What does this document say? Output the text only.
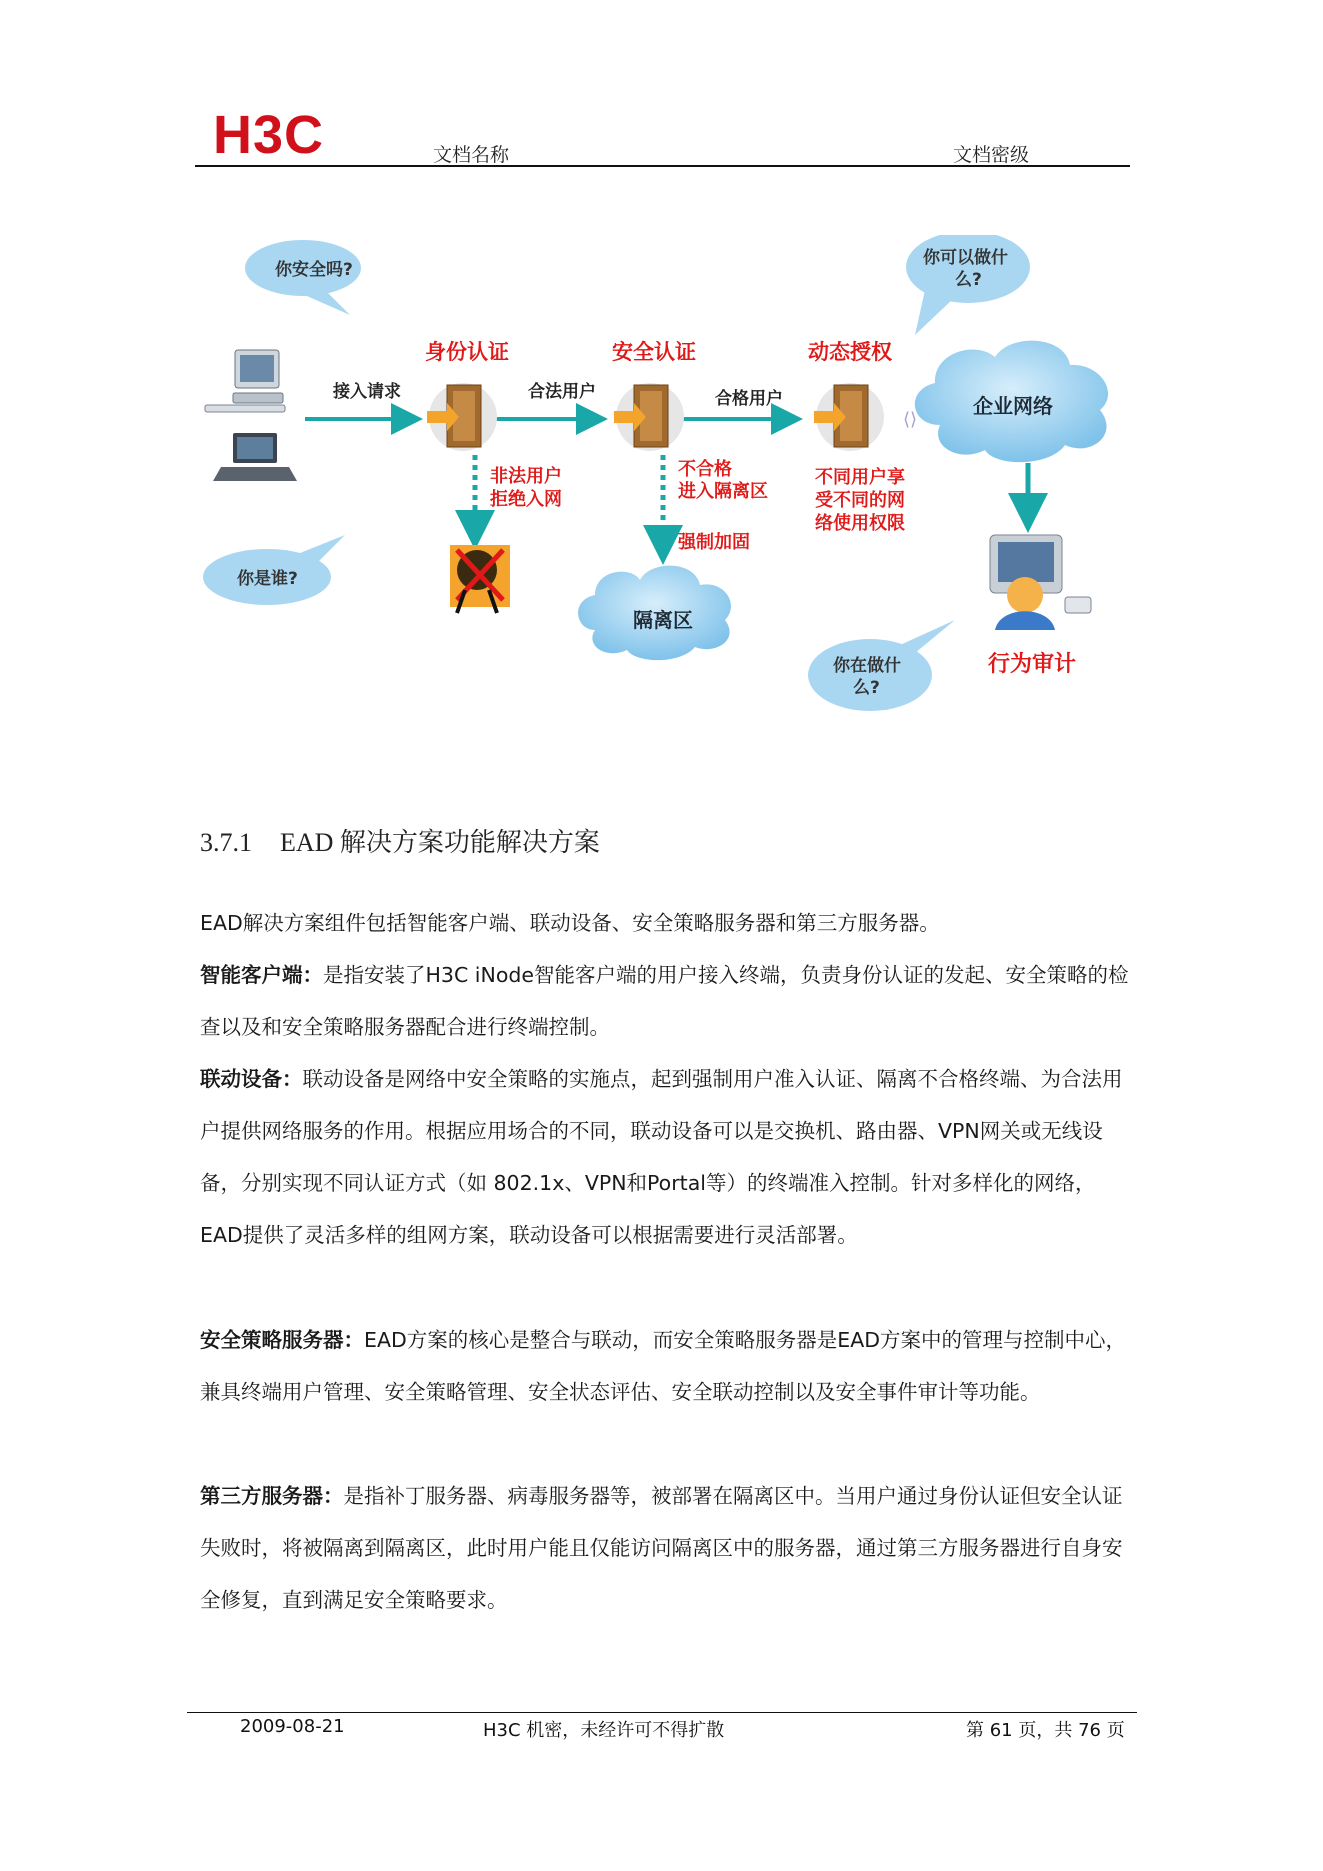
H3C	文档名称	文档密级
你安全吗?
你可以做什
么?
你是谁?
你在做什
么?
身份认证	安全认证	动态授权
接入请求	合法用户	合格用户
非法用户
拒绝入网
不合格
进入隔离区
强制加固
不同用户享
受不同的网
络使用权限
隔离区
企业网络
⟨⟩
行为审计
3.7.1 EAD 解决方案功能解决方案
EAD解决方案组件包括智能客户端、联动设备、安全策略服务器和第三方服务器。
智能客户端：是指安装了H3C iNode智能客户端的用户接入终端，负责身份认证的发起、安全策略的检查以及和安全策略服务器配合进行终端控制。
联动设备：联动设备是网络中安全策略的实施点，起到强制用户准入认证、隔离不合格终端、为合法用户提供网络服务的作用。根据应用场合的不同，联动设备可以是交换机、路由器、VPN网关或无线设备，分别实现不同认证方式（如 802.1x、VPN和Portal等）的终端准入控制。针对多样化的网络，EAD提供了灵活多样的组网方案，联动设备可以根据需要进行灵活部署。
安全策略服务器：EAD方案的核心是整合与联动，而安全策略服务器是EAD方案中的管理与控制中心，兼具终端用户管理、安全策略管理、安全状态评估、安全联动控制以及安全事件审计等功能。
第三方服务器：是指补丁服务器、病毒服务器等，被部署在隔离区中。当用户通过身份认证但安全认证失败时，将被隔离到隔离区，此时用户能且仅能访问隔离区中的服务器，通过第三方服务器进行自身安全修复，直到满足安全策略要求。
2009-08-21	H3C 机密，未经许可不得扩散	第 61 页，共 76 页
